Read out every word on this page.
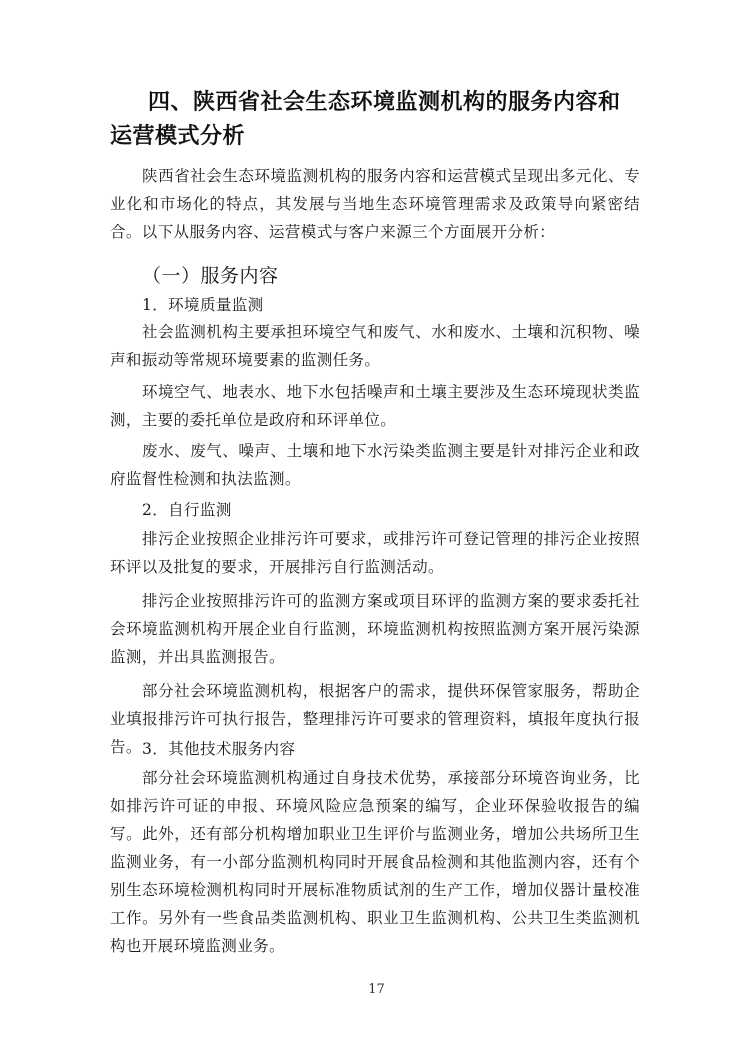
四、陕西省社会生态环境监测机构的服务内容和运营模式分析
陕西省社会生态环境监测机构的服务内容和运营模式呈现出多元化、专业化和市场化的特点，其发展与当地生态环境管理需求及政策导向紧密结合。以下从服务内容、运营模式与客户来源三个方面展开分析：
（一）服务内容
1．环境质量监测
社会监测机构主要承担环境空气和废气、水和废水、土壤和沉积物、噪声和振动等常规环境要素的监测任务。
环境空气、地表水、地下水包括噪声和土壤主要涉及生态环境现状类监测，主要的委托单位是政府和环评单位。
废水、废气、噪声、土壤和地下水污染类监测主要是针对排污企业和政府监督性检测和执法监测。
2．自行监测
排污企业按照企业排污许可要求，或排污许可登记管理的排污企业按照环评以及批复的要求，开展排污自行监测活动。
排污企业按照排污许可的监测方案或项目环评的监测方案的要求委托社会环境监测机构开展企业自行监测，环境监测机构按照监测方案开展污染源监测，并出具监测报告。
部分社会环境监测机构，根据客户的需求，提供环保管家服务，帮助企业填报排污许可执行报告，整理排污许可要求的管理资料，填报年度执行报告。 3．其他技术服务内容
部分社会环境监测机构通过自身技术优势，承接部分环境咨询业务，比如排污许可证的申报、环境风险应急预案的编写，企业环保验收报告的编写。此外，还有部分机构增加职业卫生评价与监测业务，增加公共场所卫生监测业务，有一小部分监测机构同时开展食品检测和其他监测内容，还有个别生态环境检测机构同时开展标准物质试剂的生产工作，增加仪器计量校准工作。另外有一些食品类监测机构、职业卫生监测机构、公共卫生类监测机构也开展环境监测业务。
17
